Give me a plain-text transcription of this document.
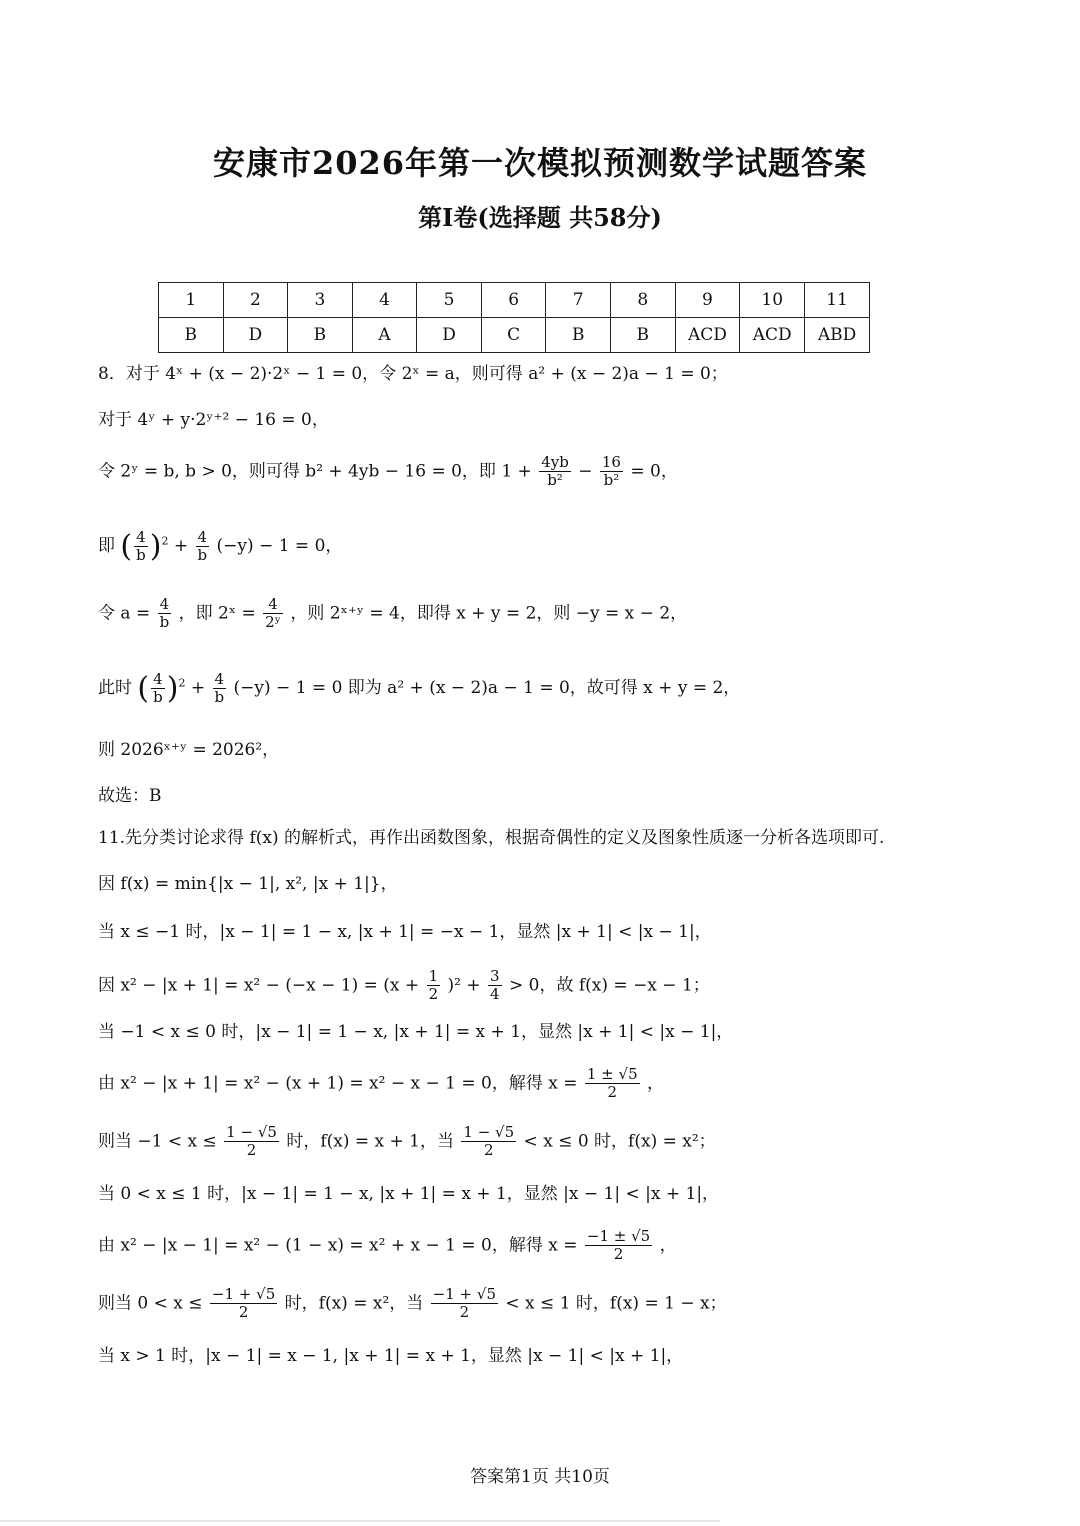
安康市2026年第一次模拟预测数学试题答案
第Ⅰ卷(选择题 共58分)
1	2	3	4	5	6	7	8	9	10	11
B	D	B	A	D	C	B	B	ACD	ACD	ABD
8．对于 4ˣ + (x − 2)·2ˣ − 1 = 0，令 2ˣ = a，则可得 a² + (x − 2)a − 1 = 0；
对于 4ʸ + y·2ʸ⁺² − 16 = 0，
令 2ʸ = b, b > 0，则可得 b² + 4yb − 16 = 0，即 $1 + \frac{4yb}{\text{b²}} - \frac{16}{\text{b²}} = 0$，
即 ( $\frac{4}{b} )^2 + \frac{4}{b} (-y) - 1 = 0$，
令 $a = \frac{4}{b}$ ，即 2ˣ = $\frac{4}{\text{2ʸ}}$ ，则 2ˣ⁺ʸ = 4，即得 x + y = 2，则 −y = x − 2，
此时 ( $\frac{4}{b} )^2 + \frac{4}{b} (-y) - 1 = 0$ 即为 a² + (x − 2)a − 1 = 0，故可得 x + y = 2，
则 2026ˣ⁺ʸ = 2026²，
故选：B
11.先分类讨论求得 f(x) 的解析式，再作出函数图象，根据奇偶性的定义及图象性质逐一分析各选项即可.
因 f(x) = min{|x − 1|, x², |x + 1|}，
当 x ≤ −1 时，|x − 1| = 1 − x, |x + 1| = −x − 1，显然 |x + 1| < |x − 1|，
因 $x^2 - |x + 1| = x^2 - (-x - 1) = (x + \frac{1}{2} )^2 + \frac{3}{4} > 0$，故 f(x) = −x − 1；
当 −1 < x ≤ 0 时，|x − 1| = 1 − x, |x + 1| = x + 1，显然 |x + 1| < |x − 1|，
由 x² − |x + 1| = x² − (x + 1) = x² − x − 1 = 0，解得 $x = \frac{1 \pm √5}{2}$ ，
则当 $-1 < x \le \frac{1 - √5}{2}$ 时，f(x) = x + 1，当 $\frac{1 - √5}{2} < x \le 0$ 时，f(x) = x²；
当 0 < x ≤ 1 时，|x − 1| = 1 − x, |x + 1| = x + 1，显然 |x − 1| < |x + 1|，
由 x² − |x − 1| = x² − (1 − x) = x² + x − 1 = 0，解得 $x = \frac{-1 \pm √5}{2}$ ，
则当 $0 < x \le \frac{-1 + √5}{2}$ 时，f(x) = x²，当 $\frac{-1 + √5}{2} < x \le 1$ 时，f(x) = 1 − x；
当 x > 1 时，|x − 1| = x − 1, |x + 1| = x + 1，显然 |x − 1| < |x + 1|，
答案第1页 共10页
